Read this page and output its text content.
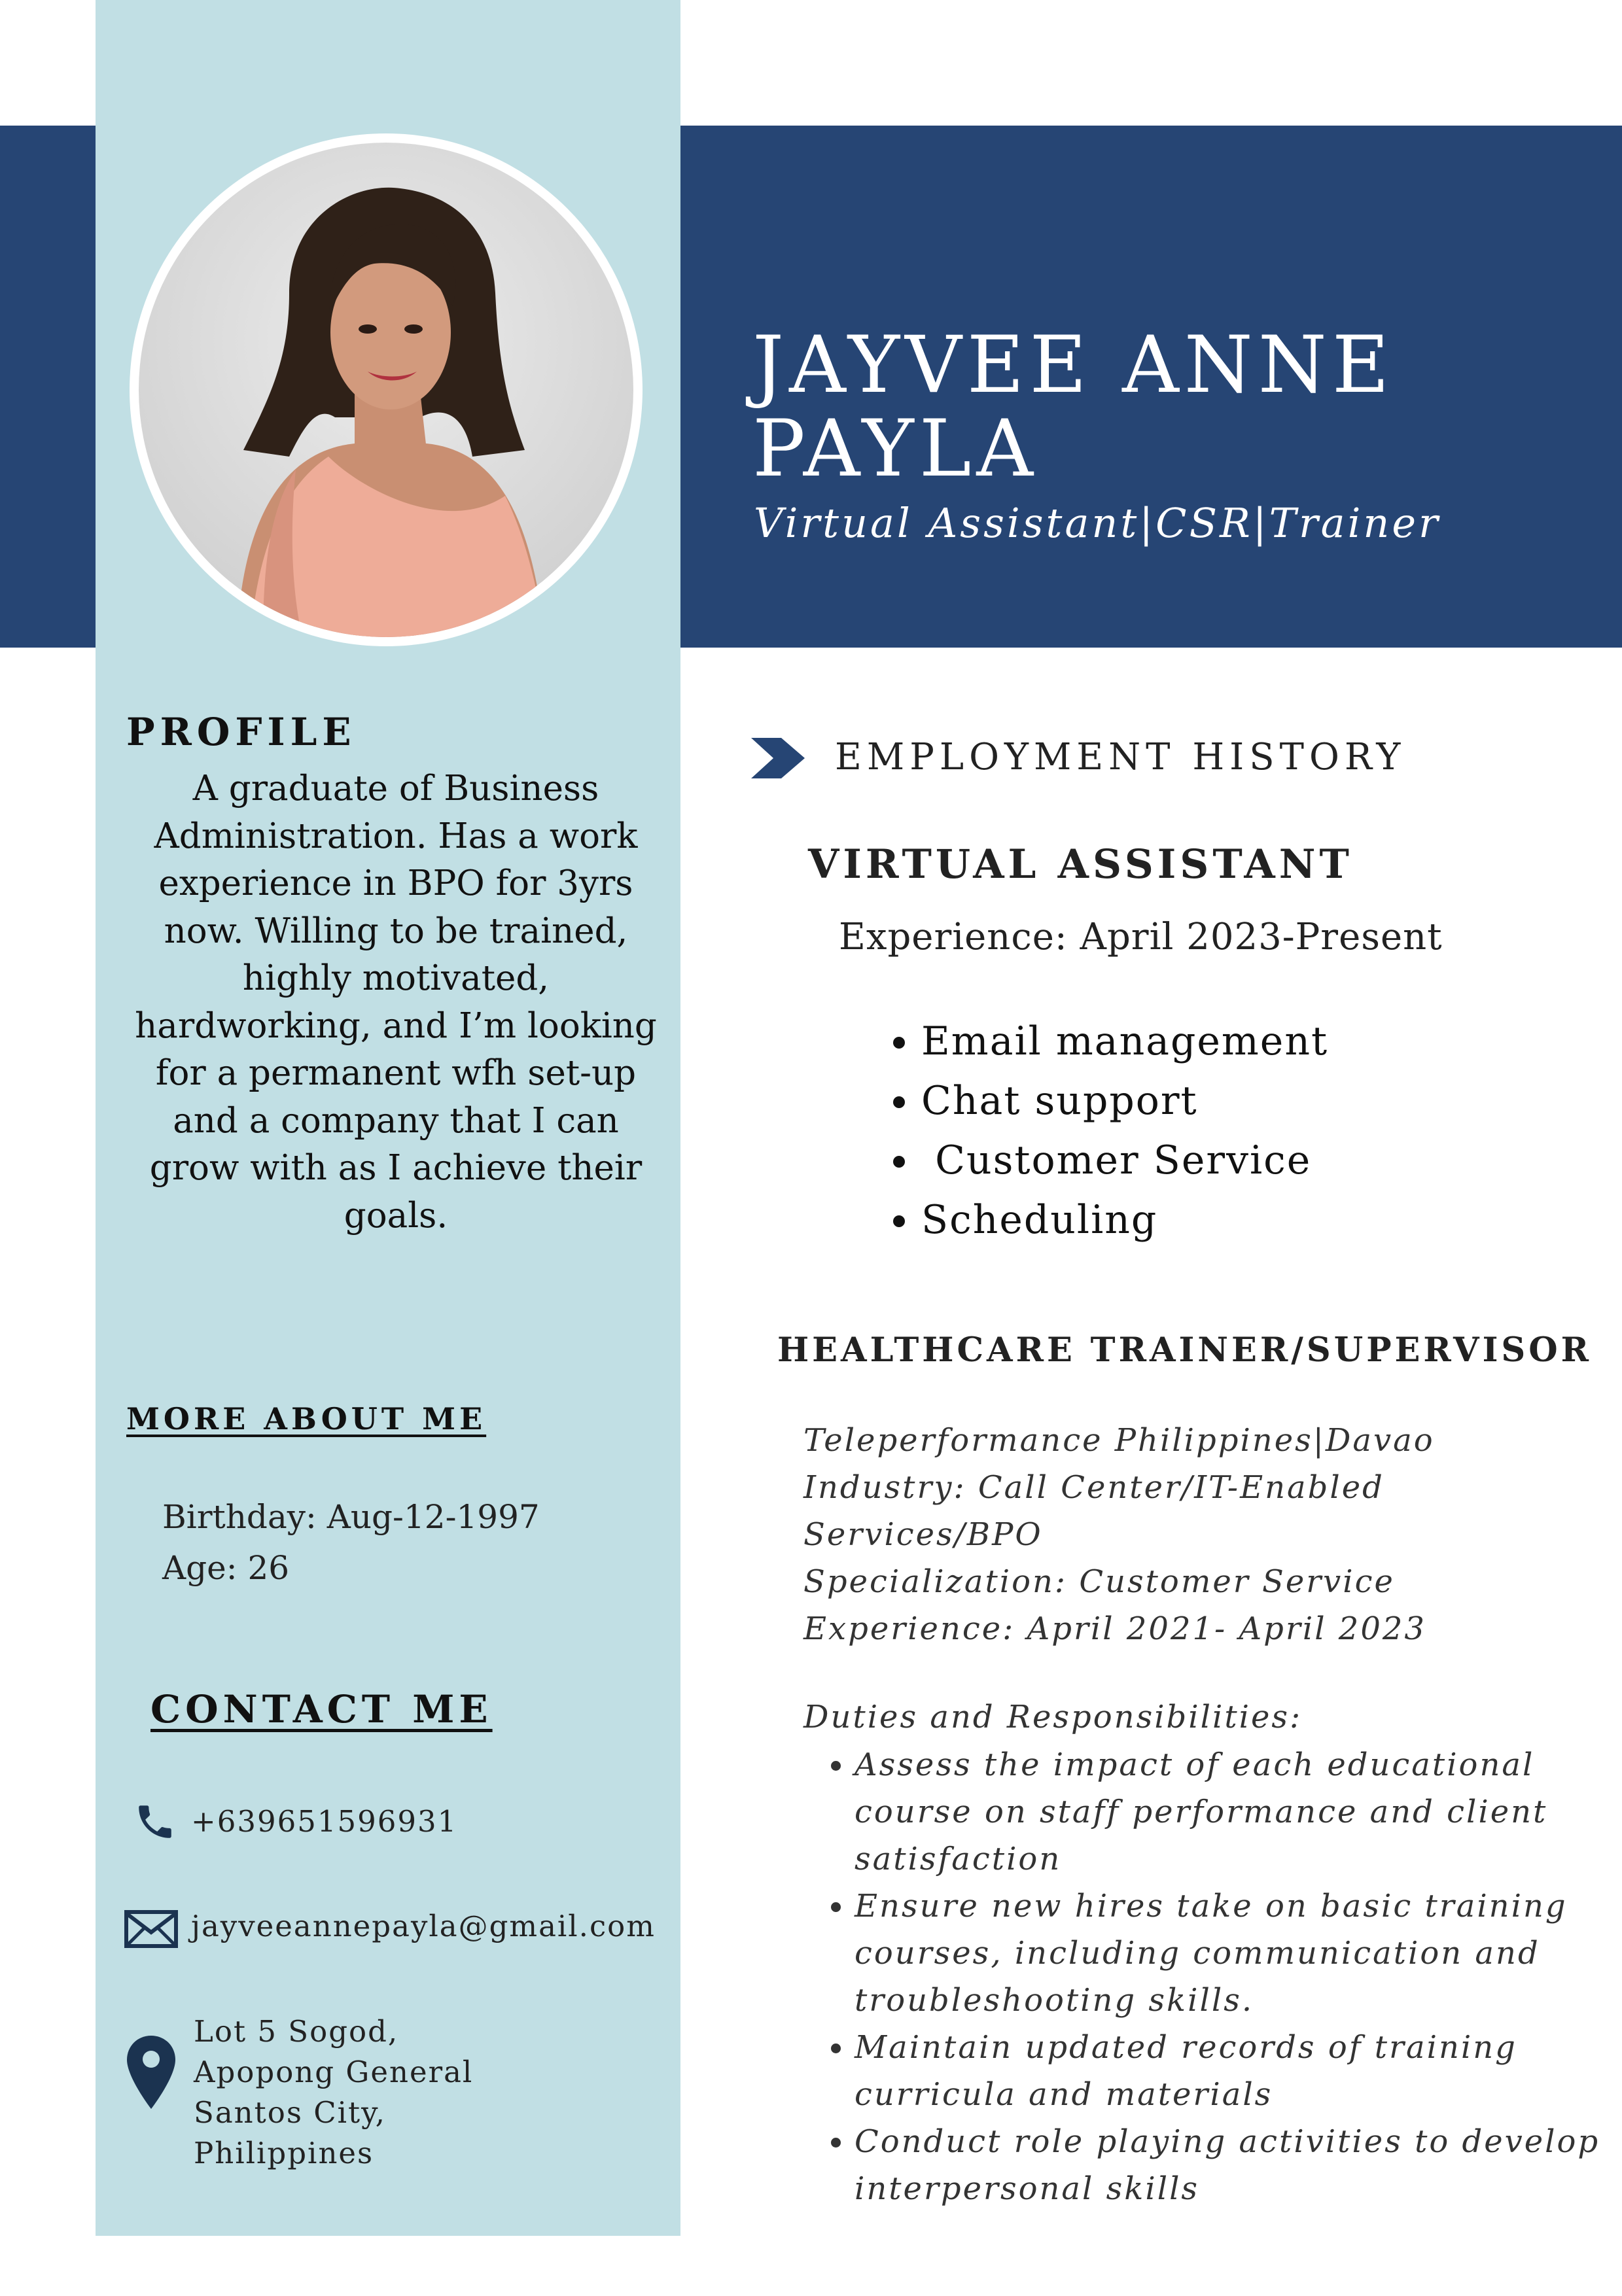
JAYVEE ANNE
PAYLA
Virtual Assistant|CSR|Trainer
PROFILE
A graduate of Business Administration. Has a work experience in BPO for 3yrs now. Willing to be trained, highly motivated, hardworking, and I’m looking for a permanent wfh set-up and a company that I can grow with as I achieve their goals.
MORE ABOUT ME
Birthday: Aug-12-1997
Age: 26
CONTACT ME
+639651596931
jayveeannepayla@gmail.com
Lot 5 Sogod,
Apopong General
Santos City,
Philippines
EMPLOYMENT HISTORY
VIRTUAL ASSISTANT
Experience: April 2023-Present
• Email management
• Chat support
•  Customer Service
• Scheduling
HEALTHCARE TRAINER/SUPERVISOR
Teleperformance Philippines|Davao
Industry: Call Center/IT-Enabled
Services/BPO
Specialization: Customer Service
Experience: April 2021- April 2023
Duties and Responsibilities:
• Assess the impact of each educational course on staff performance and client satisfaction
• Ensure new hires take on basic training courses, including communication and troubleshooting skills.
• Maintain updated records of training curricula and materials
• Conduct role playing activities to develop interpersonal skills
